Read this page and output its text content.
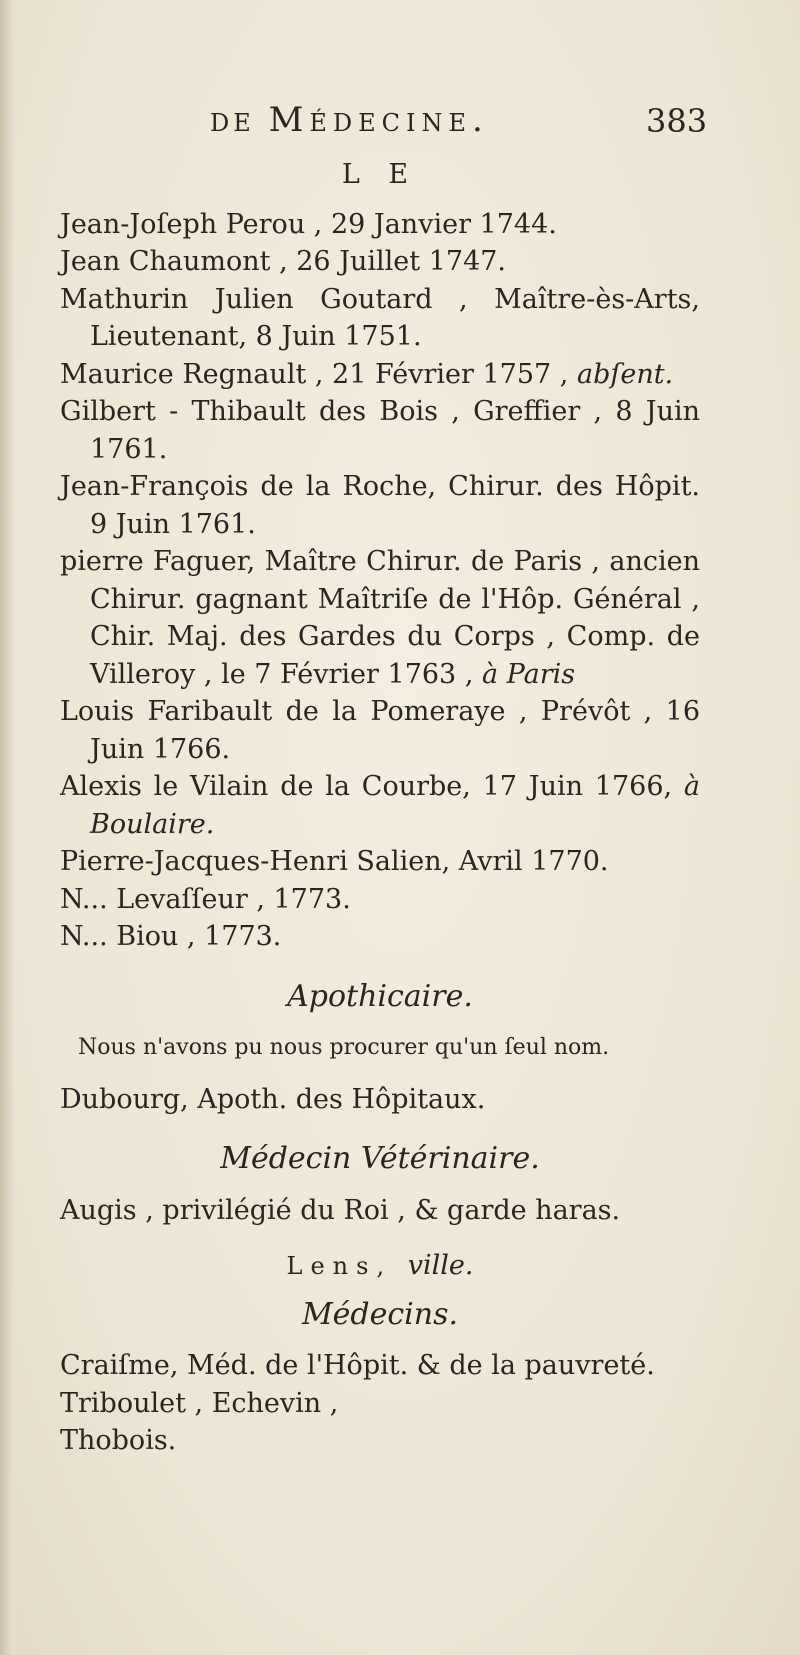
DE Médecine.	383
L E
Jean-Joſeph Perou , 29 Janvier 1744.
Jean Chaumont , 26 Juillet 1747.
Mathurin Julien Goutard , Maître-ès-Arts, Lieutenant, 8 Juin 1751.
Maurice Regnault , 21 Février 1757 , abſent.
Gilbert - Thibault des Bois , Greffier , 8 Juin 1761.
Jean-François de la Roche, Chirur. des Hôpit. 9 Juin 1761.
pierre Faguer, Maître Chirur. de Paris , ancien Chirur. gagnant Maîtriſe de l'Hôp. Général , Chir. Maj. des Gardes du Corps , Comp. de Villeroy , le 7 Février 1763 , à Paris
Louis Faribault de la Pomeraye , Prévôt , 16 Juin 1766.
Alexis le Vilain de la Courbe, 17 Juin 1766, à Boulaire.
Pierre-Jacques-Henri Salien, Avril 1770.
N... Levaſſeur , 1773.
N... Biou , 1773.
Apothicaire.
Nous n'avons pu nous procurer qu'un ſeul nom.
Dubourg, Apoth. des Hôpitaux.
Médecin Vétérinaire.
Augis , privilégié du Roi , & garde haras.
Lens, ville.
Médecins.
Craiſme, Méd. de l'Hôpit. & de la pauvreté.
Triboulet , Echevin ,
Thobois.
